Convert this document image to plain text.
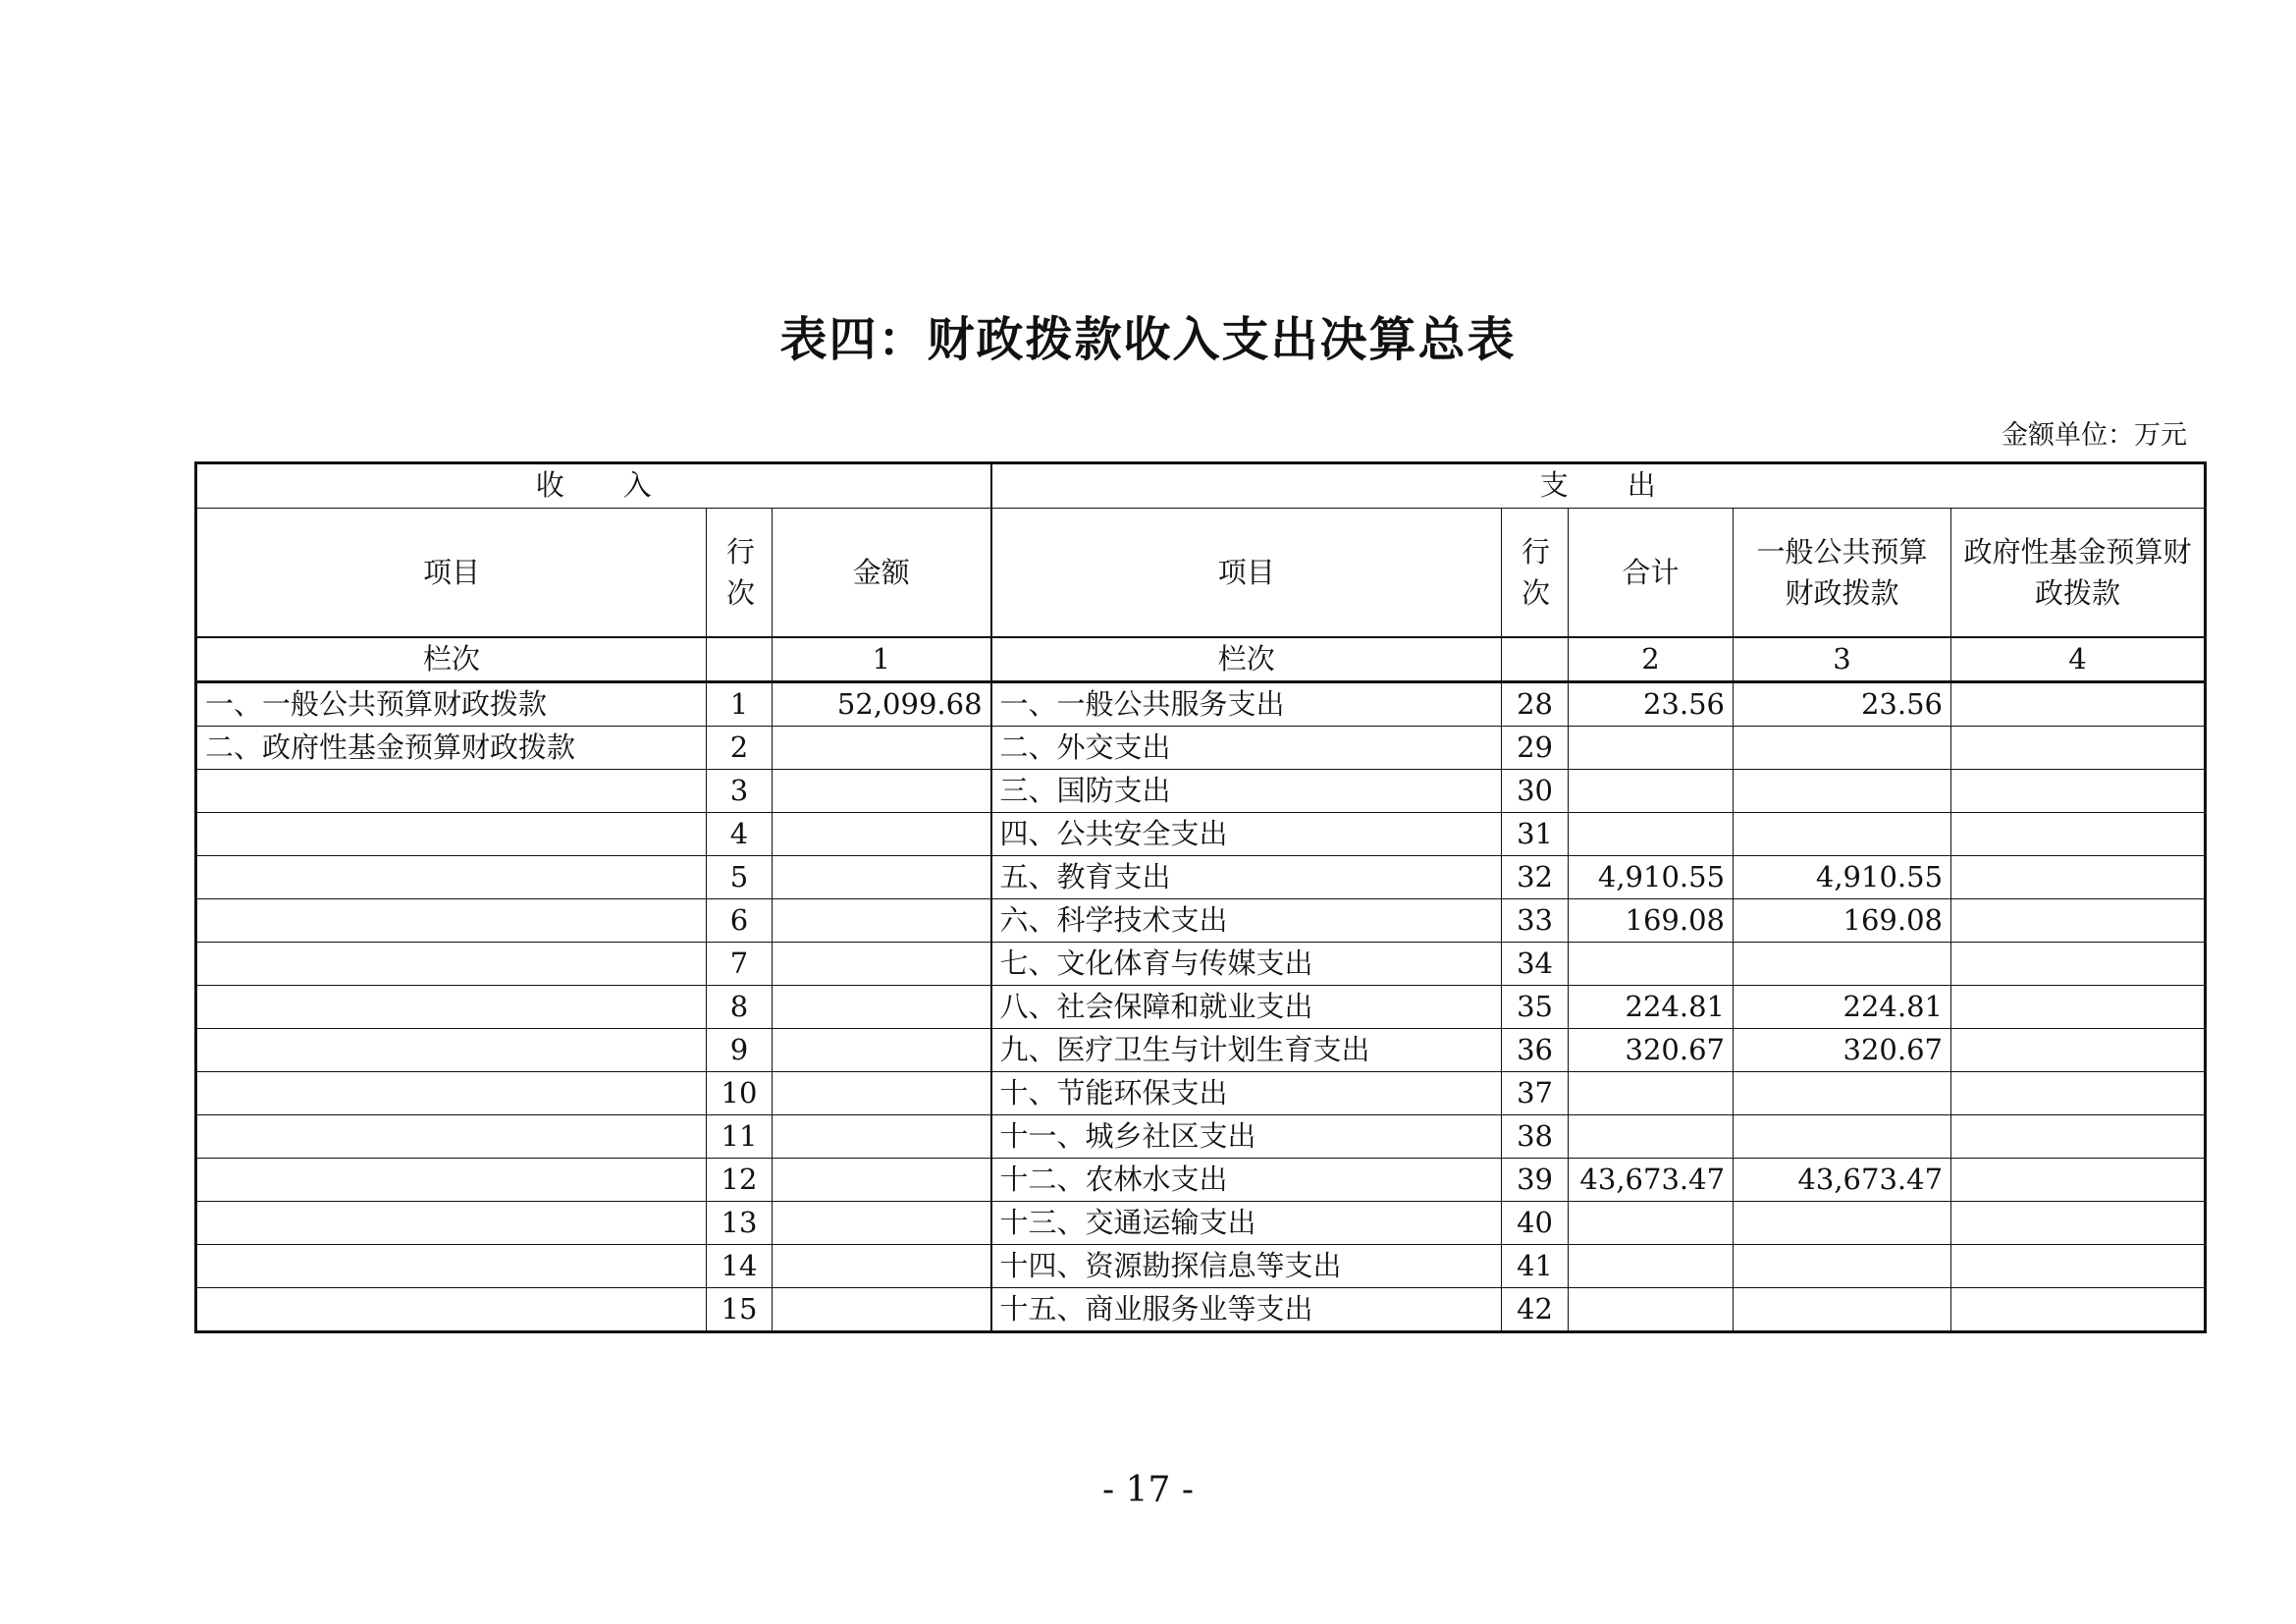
表四：财政拨款收入支出决算总表
金额单位：万元
收入			支出				
项目	行次	金额	项目	行次	合计	一般公共预算财政拨款	政府性基金预算财政拨款
栏次		1	栏次		2	3	4
一、一般公共预算财政拨款	1	52,099.68	一、一般公共服务支出	28	23.56	23.56	
二、政府性基金预算财政拨款	2		二、外交支出	29			
	3		三、国防支出	30			
	4		四、公共安全支出	31			
	5		五、教育支出	32	4,910.55	4,910.55	
	6		六、科学技术支出	33	169.08	169.08	
	7		七、文化体育与传媒支出	34			
	8		八、社会保障和就业支出	35	224.81	224.81	
	9		九、医疗卫生与计划生育支出	36	320.67	320.67	
	10		十、节能环保支出	37			
	11		十一、城乡社区支出	38			
	12		十二、农林水支出	39	43,673.47	43,673.47	
	13		十三、交通运输支出	40			
	14		十四、资源勘探信息等支出	41			
	15		十五、商业服务业等支出	42			
- 17 -
